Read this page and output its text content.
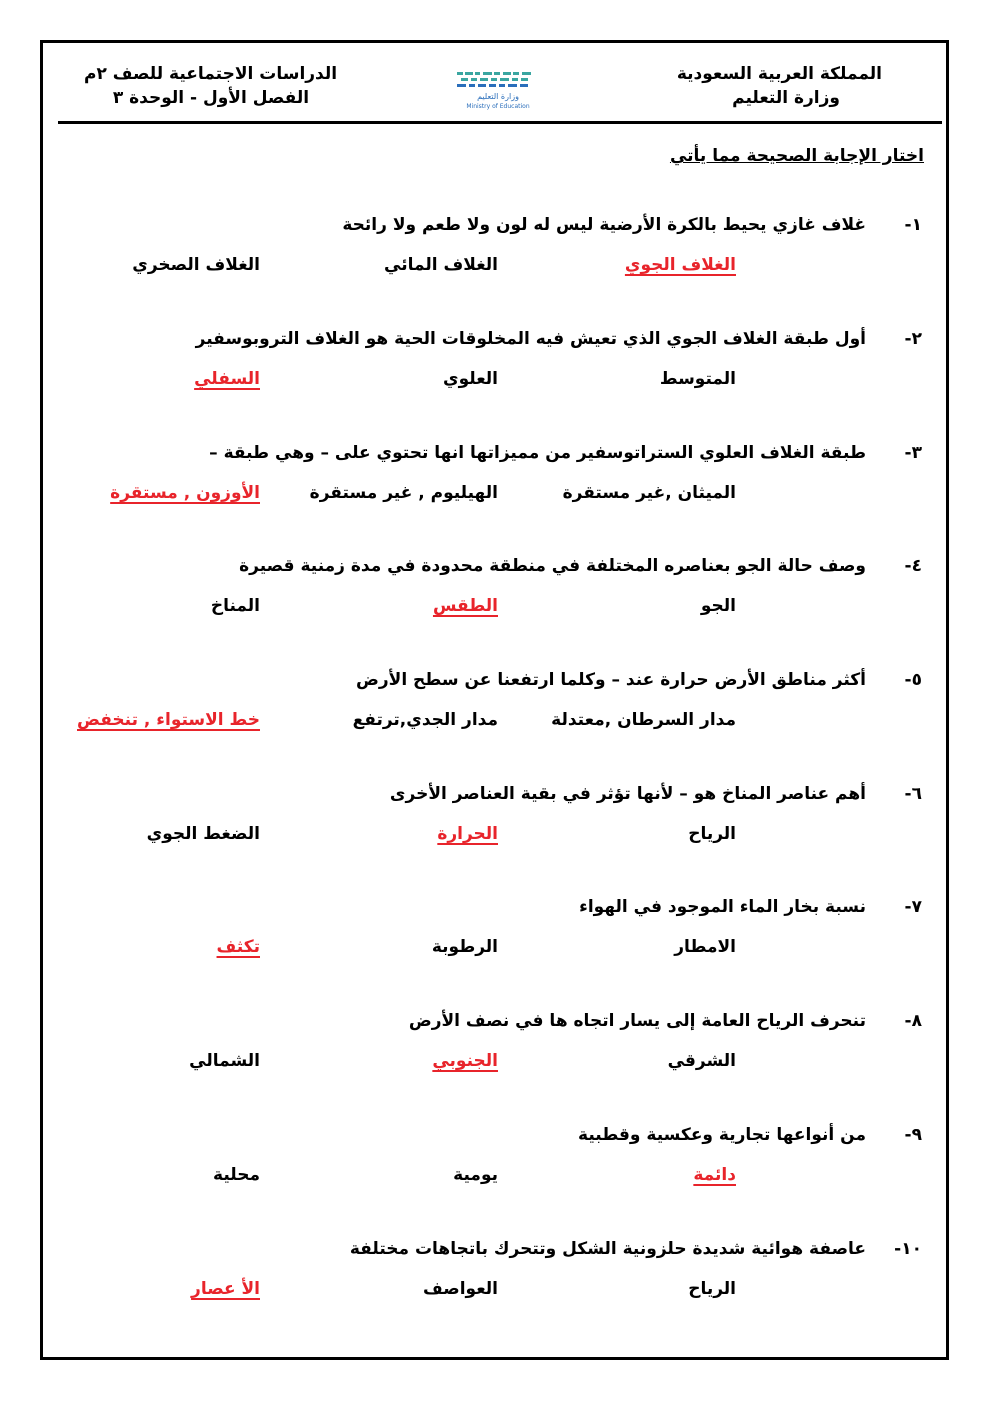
المملكة العربية السعودية
وزارة التعليم
الدراسات الاجتماعية للصف ٢م
الفصل الأول - الوحدة ٣	وزارة التعليم
Ministry of Education
اختار الإجابة الصحيحة مما يأتي
١-
غلاف غازي يحيط بالكرة الأرضية ليس له لون ولا طعم ولا رائحة
الغلاف الصخري	الغلاف المائي	الغلاف الجوي
٢-
أول طبقة الغلاف الجوي الذي تعيش فيه المخلوقات الحية هو الغلاف التروبوسفير
السفلي	العلوي	المتوسط
٣-
طبقة الغلاف العلوي الستراتوسفير من مميزاتها انها تحتوي على – وهي طبقة –
الأوزون , مستقرة	الهيليوم , غير مستقرة	الميثان ,غير مستقرة
٤-
وصف حالة الجو بعناصره المختلفة في منطقة محدودة في مدة زمنية قصيرة
المناخ	الطقس	الجو
٥-
أكثر مناطق الأرض حرارة عند – وكلما ارتفعنا عن سطح الأرض
خط الاستواء , تنخفض	مدار الجدي,ترتفع	مدار السرطان ,معتدلة
٦-
أهم عناصر المناخ هو – لأنها تؤثر في بقية العناصر الأخرى
الضغط الجوي	الحرارة	الرياح
٧-
نسبة بخار الماء الموجود في الهواء
تكثف	الرطوبة	الامطار
٨-
تنحرف الرياح العامة إلى يسار اتجاه ها في نصف الأرض
الشمالي	الجنوبي	الشرقي
٩-
من أنواعها تجارية وعكسية وقطبية
محلية	يومية	دائمة
١٠-
عاصفة هوائية شديدة حلزونية الشكل وتتحرك باتجاهات مختلفة
الأ عصار	العواصف	الرياح
